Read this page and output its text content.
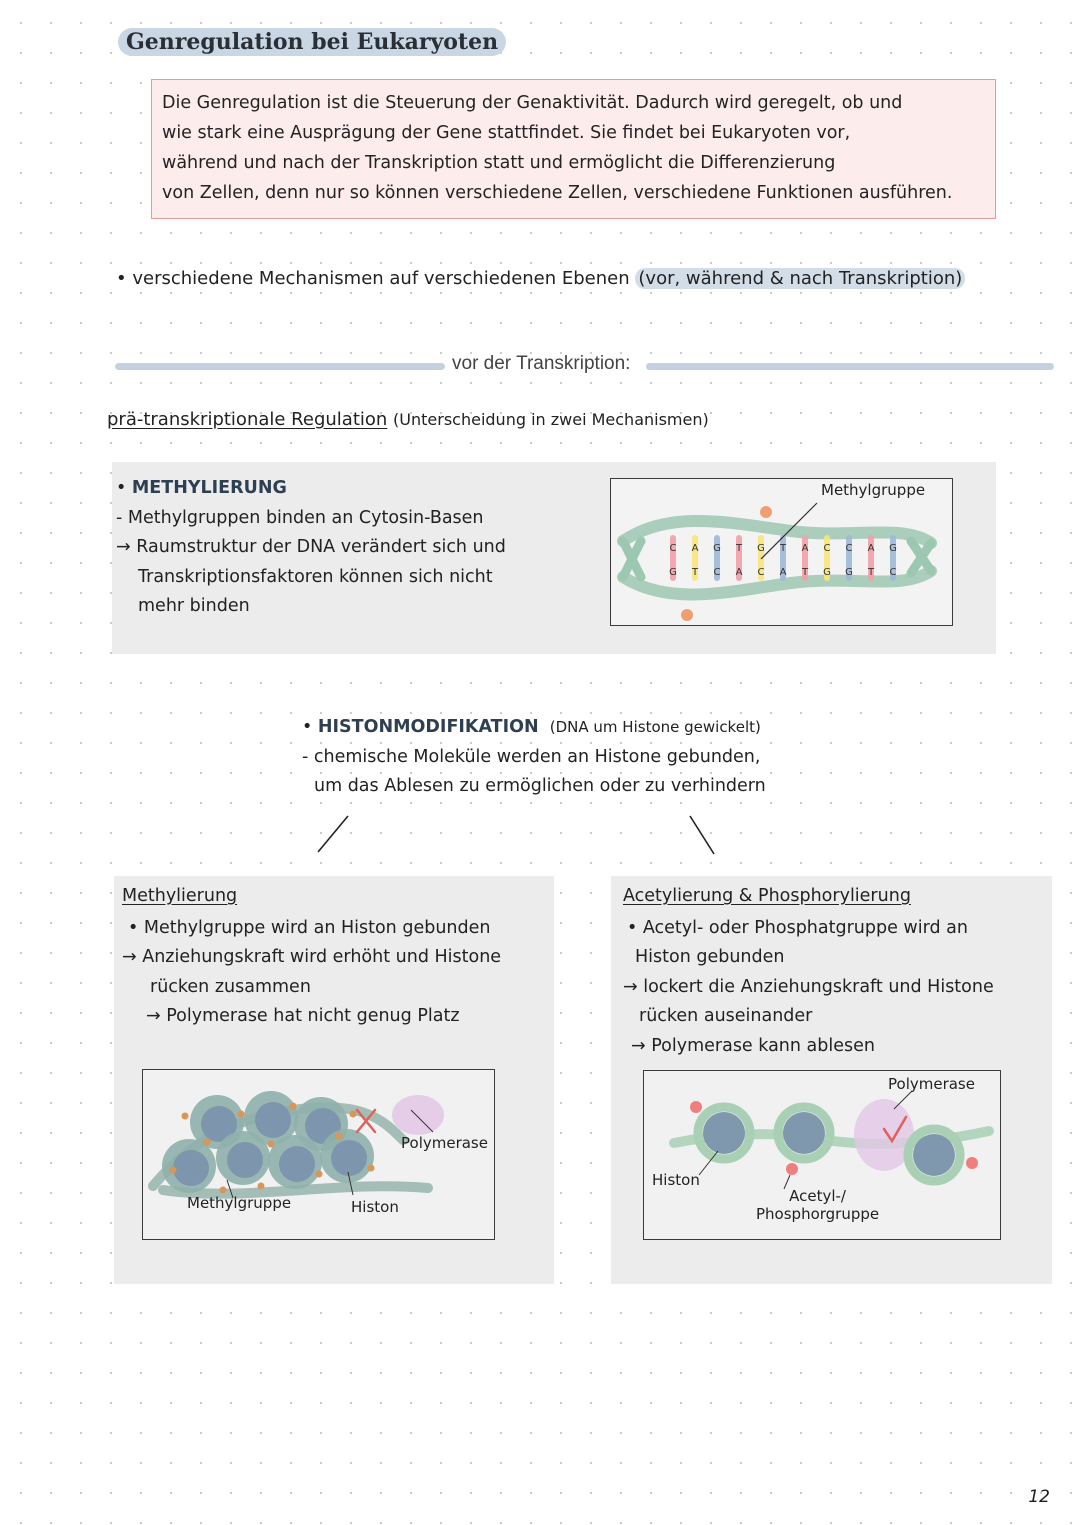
Genregulation bei Eukaryoten

Die Genregulation ist die Steuerung der Genaktivität. Dadurch wird geregelt, ob und

wie stark eine Ausprägung der Gene stattfindet. Sie findet bei Eukaryoten vor,

während und nach der Transkription statt und ermöglicht die Differenzierung

von Zellen, denn nur so können verschiedene Zellen, verschiedene Funktionen ausführen.

• verschiedene Mechanismen auf verschiedenen Ebenen (vor, während & nach Transkription)
vor der Transkription:
prä-transkriptionale Regulation (Unterscheidung in zwei Mechanismen)
• METHYLIERUNG
- Methylgruppen binden an Cytosin-Basen
→ Raumstruktur der DNA verändert sich und
Transkriptionsfaktoren können sich nicht
mehr binden
C
G
A
T
G
C
T
A
G
C
T
A
A
T
C
G
C
G
A
T
G
C
Methylgruppe
• HISTONMODIFIKATION (DNA um Histone gewickelt)
- chemische Moleküle werden an Histone gebunden,
um das Ablesen zu ermöglichen oder zu verhindern
Methylierung
• Methylgruppe wird an Histon gebunden
→ Anziehungskraft wird erhöht und Histone
rücken zusammen
→ Polymerase hat nicht genug Platz
Polymerase
Methylgruppe	Histon
Acetylierung & Phosphorylierung
• Acetyl- oder Phosphatgruppe wird an
Histon gebunden
→ lockert die Anziehungskraft und Histone
rücken auseinander
→ Polymerase kann ablesen
Polymerase
Histon
Acetyl-/
Phosphorgruppe
12
